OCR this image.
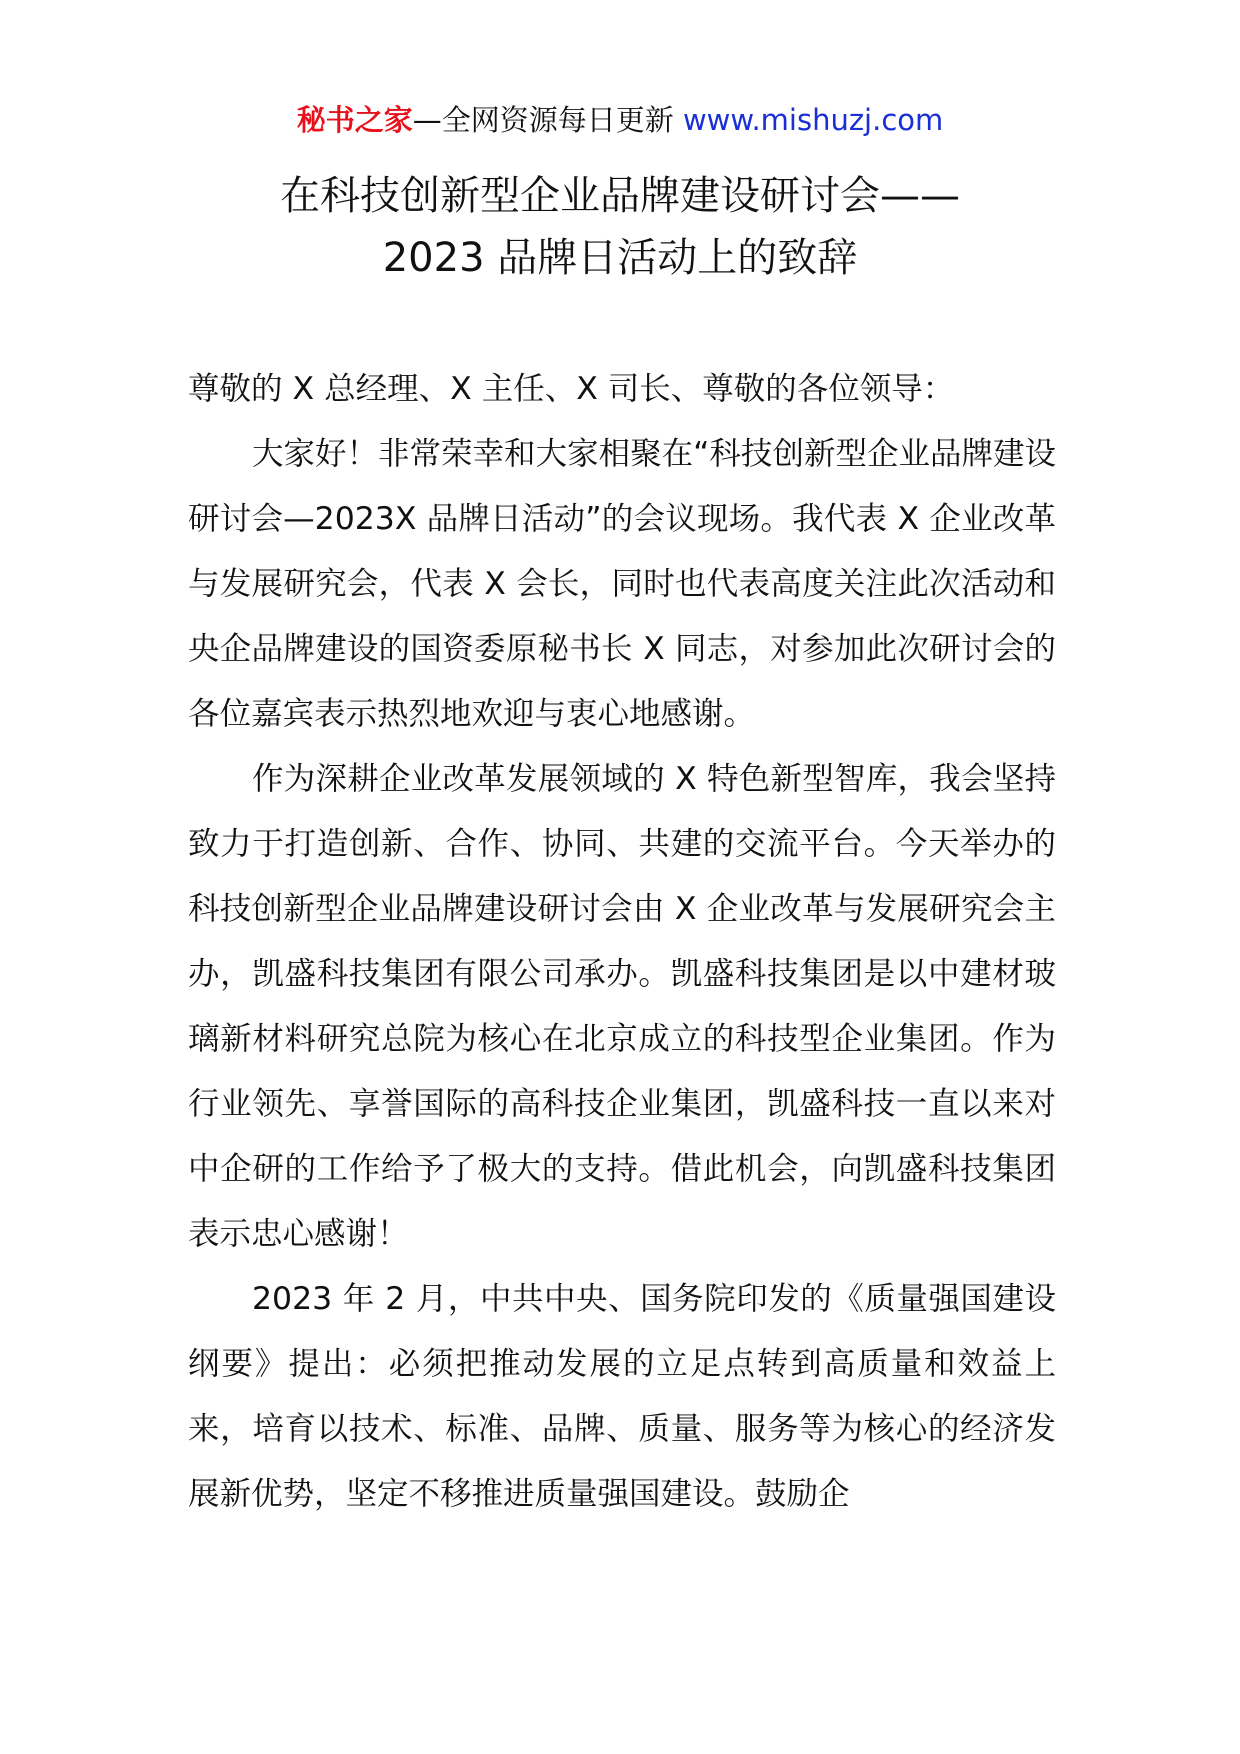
秘书之家—全网资源每日更新 www.mishuzj.com
在科技创新型企业品牌建设研讨会——
2023 品牌日活动上的致辞

尊敬的 X 总经理、X 主任、X 司长、尊敬的各位领导：

大家好！非常荣幸和大家相聚在“科技创新型企业品牌建设研讨会—2023X 品牌日活动”的会议现场。我代表 X 企业改革与发展研究会，代表 X 会长，同时也代表高度关注此次活动和央企品牌建设的国资委原秘书长 X 同志，对参加此次研讨会的各位嘉宾表示热烈地欢迎与衷心地感谢。

作为深耕企业改革发展领域的 X 特色新型智库，我会坚持致力于打造创新、合作、协同、共建的交流平台。今天举办的科技创新型企业品牌建设研讨会由 X 企业改革与发展研究会主办，凯盛科技集团有限公司承办。凯盛科技集团是以中建材玻璃新材料研究总院为核心在北京成立的科技型企业集团。作为行业领先、享誉国际的高科技企业集团，凯盛科技一直以来对中企研的工作给予了极大的支持。借此机会，向凯盛科技集团表示忠心感谢！

2023 年 2 月，中共中央、国务院印发的《质量强国建设纲要》提出：必须把推动发展的立足点转到高质量和效益上来，培育以技术、标准、品牌、质量、服务等为核心的经济发展新优势，坚定不移推进质量强国建设。鼓励企
